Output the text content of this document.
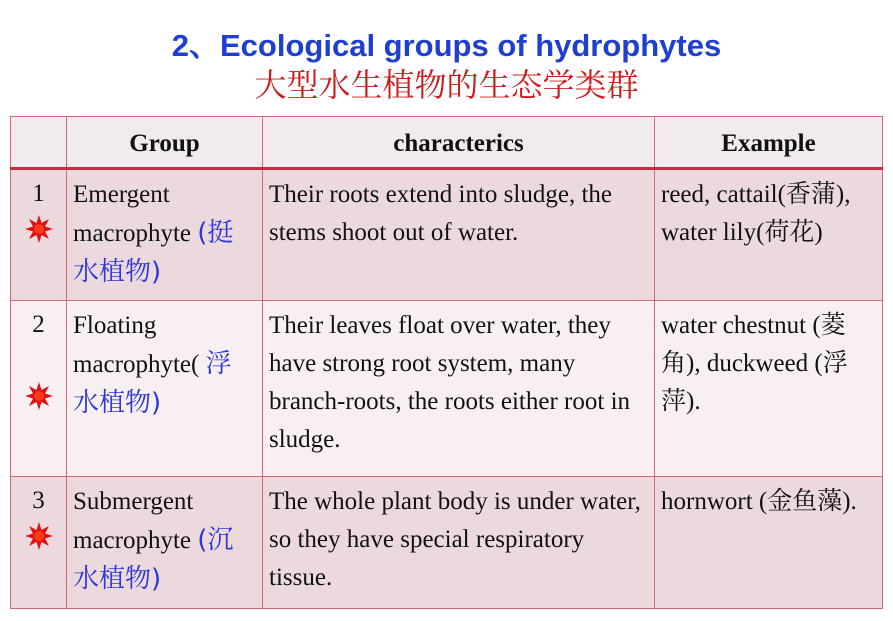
2、Ecological groups of hydrophytes
大型水生植物的生态学类群
	Group	characterics	Example

1	Emergent macrophyte (挺水植物)	Their roots extend into sludge, the stems shoot out of water.	reed, cattail(香蒲), water lily(荷花)

2	Floating macrophyte( 浮水植物)	Their leaves float over water, they have strong root system, many branch-roots, the roots either root in sludge.	water chestnut (菱角), duckweed (浮萍).

3	Submergent macrophyte (沉水植物)	The whole plant body is under water, so they have special respiratory tissue.	hornwort (金鱼藻).
